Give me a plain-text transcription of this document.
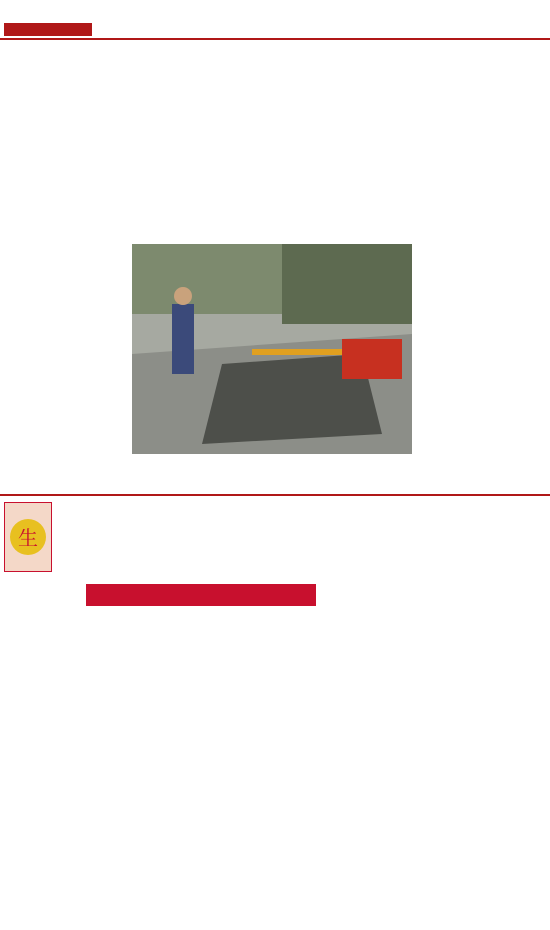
生
